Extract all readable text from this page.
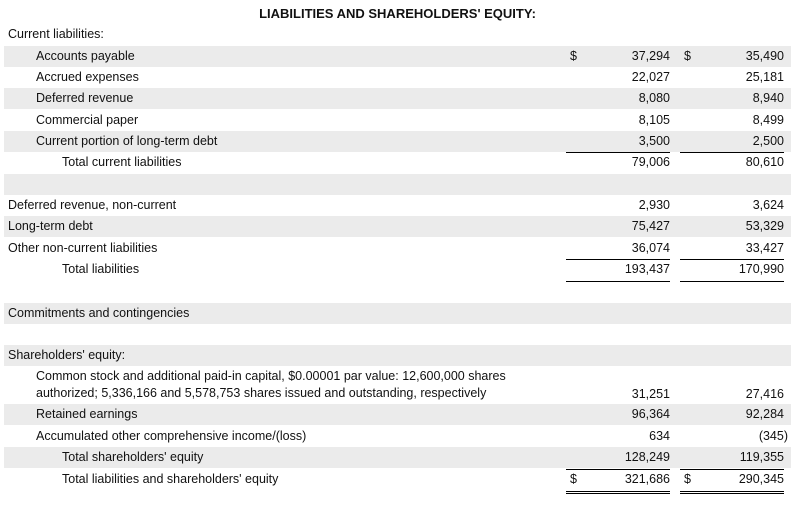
LIABILITIES AND SHAREHOLDERS' EQUITY:
Current liabilities:
Accounts payable	$	37,294 $	35,490
Accrued expenses	22,027	25,181
Deferred revenue	8,080	8,940
Commercial paper	8,105	8,499
Current portion of long-term debt	3,500	2,500
Total current liabilities	79,006	80,610
Deferred revenue, non-current	2,930	3,624
Long-term debt	75,427	53,329
Other non-current liabilities	36,074	33,427
Total liabilities	193,437	170,990
Commitments and contingencies
Shareholders' equity:
Common stock and additional paid-in capital, $0.00001 par value: 12,600,000 shares
authorized; 5,336,166 and 5,578,753 shares issued and outstanding, respectively	31,251	27,416
Retained earnings	96,364	92,284
Accumulated other comprehensive income/(loss)	634	(345)
Total shareholders' equity	128,249	119,355
Total liabilities and shareholders' equity	$	321,686 $	290,345
